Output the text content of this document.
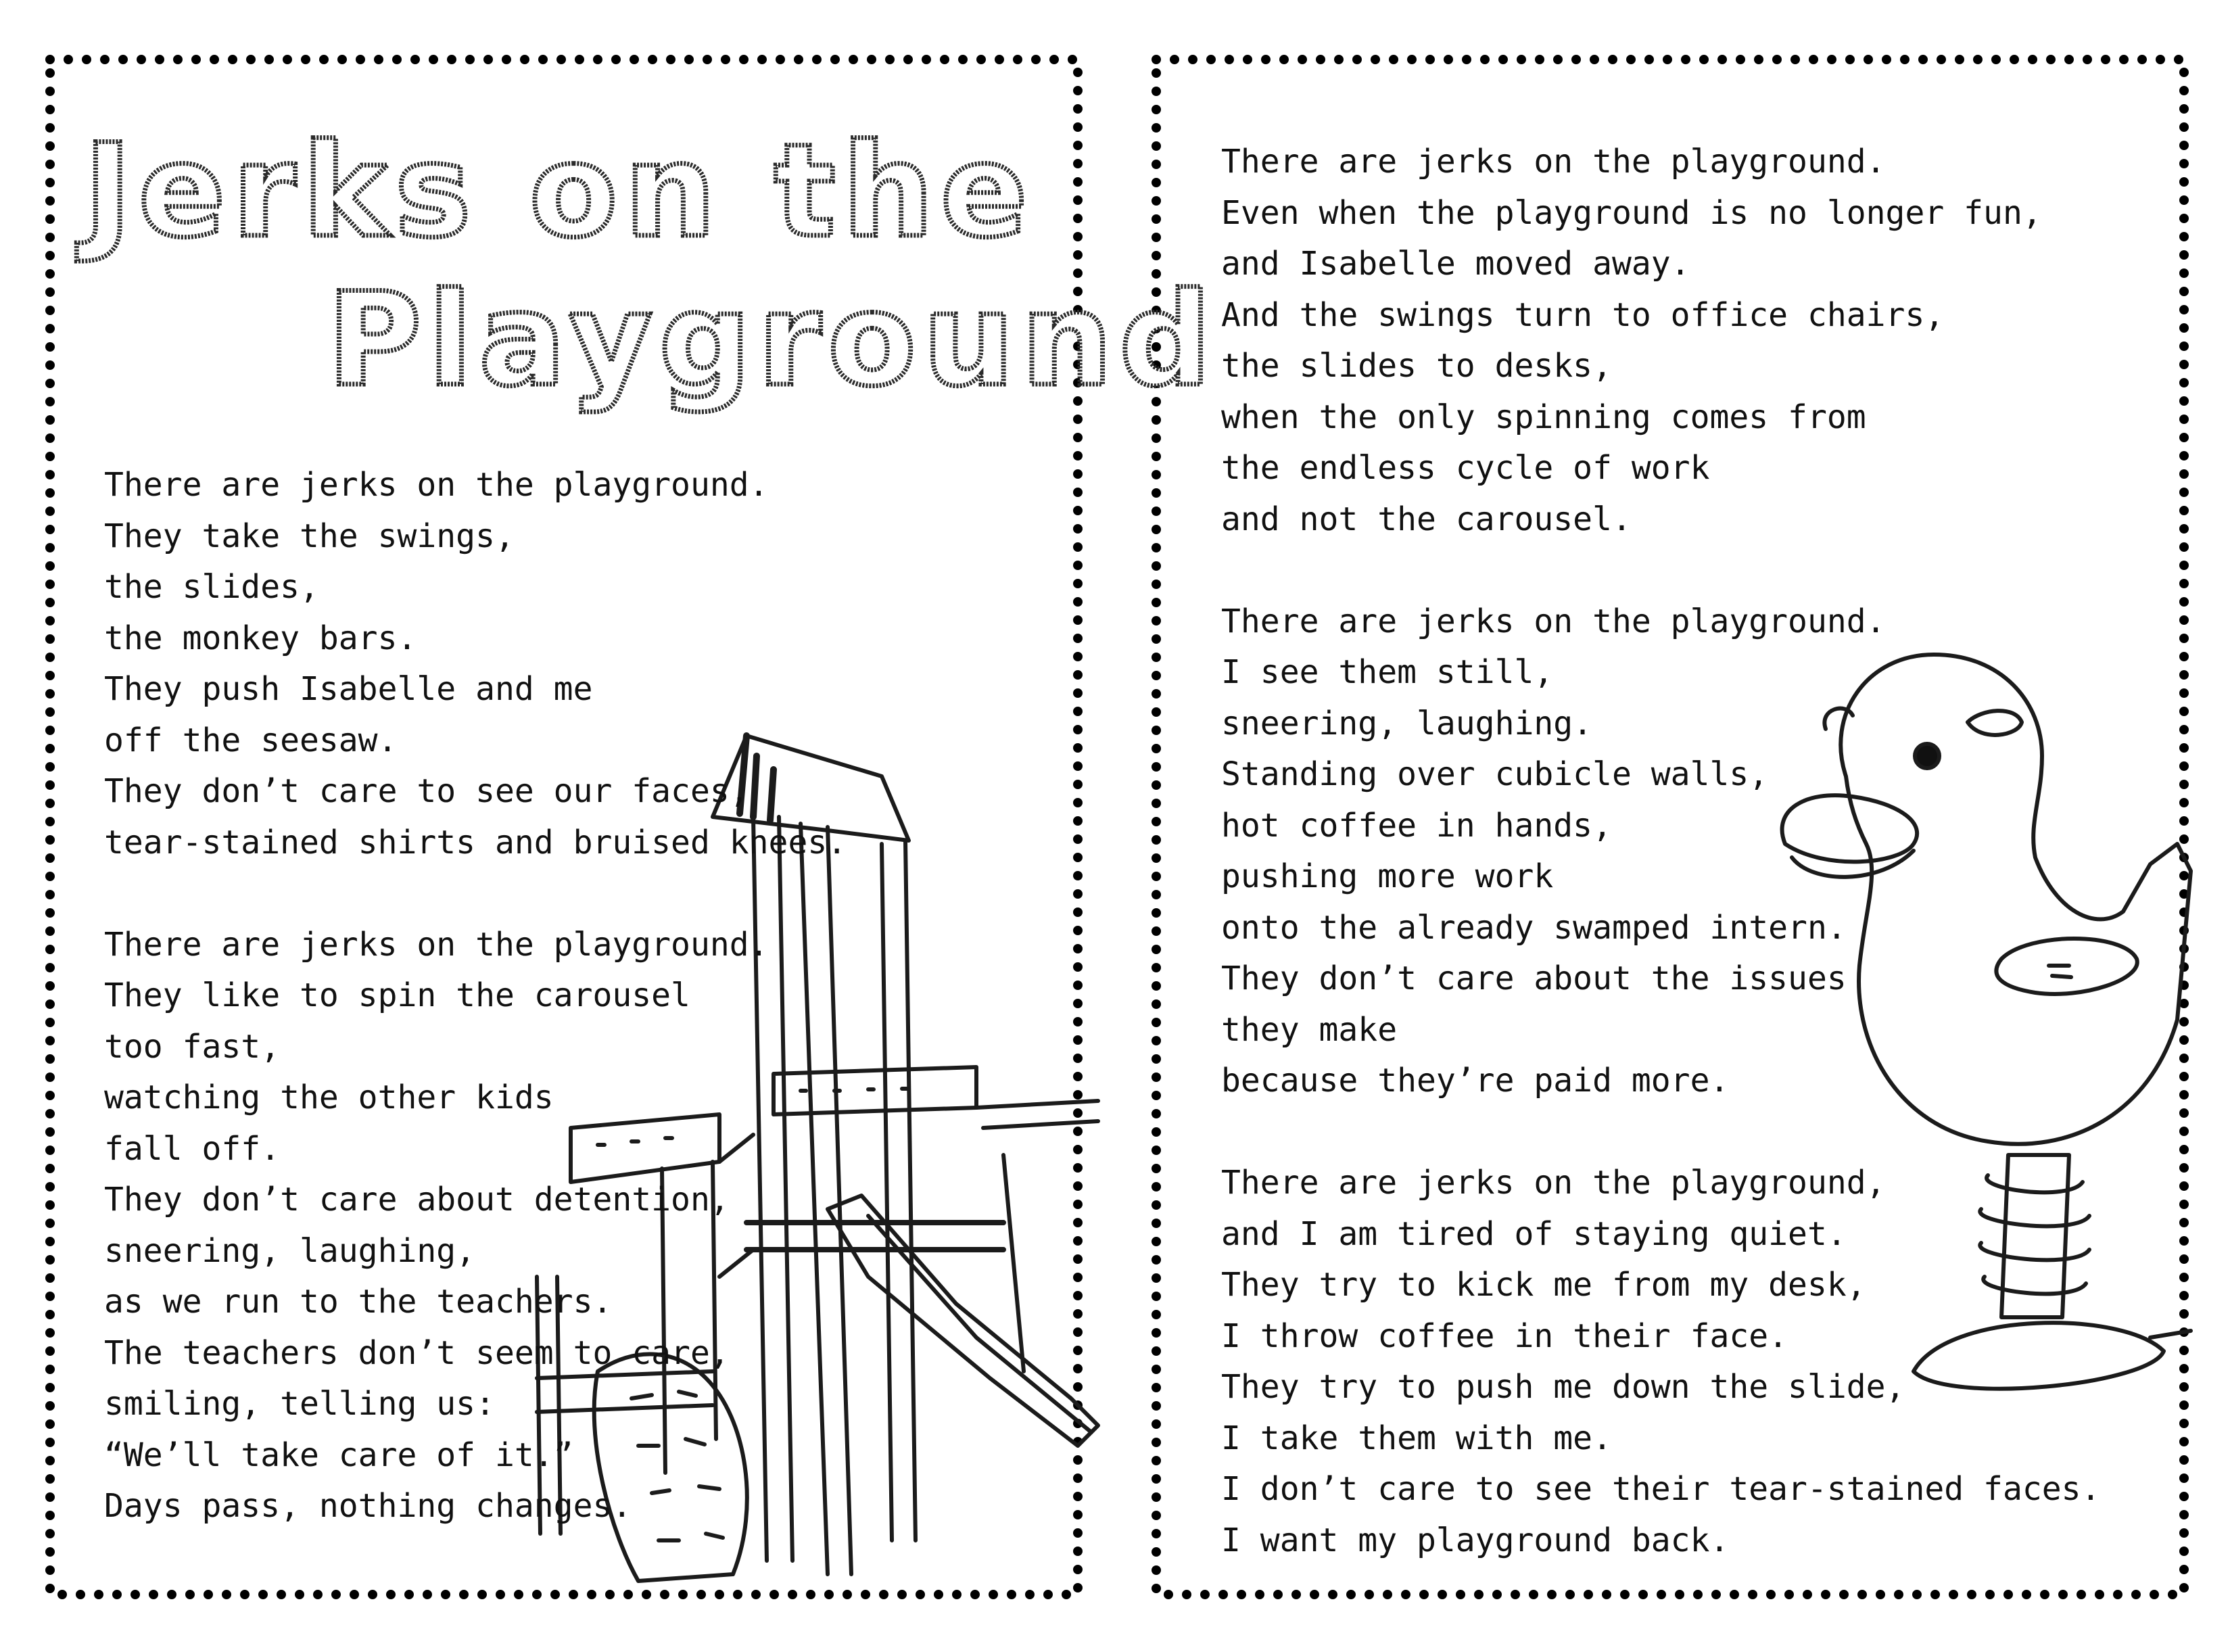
Jerks on the
Playground
There are jerks on the playground.
They take the swings,
the slides,
the monkey bars.
They push Isabelle and me
off the seesaw.
They don’t care to see our faces,
tear-stained shirts and bruised knees.

There are jerks on the playground.
They like to spin the carousel
too fast,
watching the other kids
fall off.
They don’t care about detention,
sneering, laughing,
as we run to the teachers.
The teachers don’t seem to care,
smiling, telling us:
“We’ll take care of it.”
Days pass, nothing changes.
There are jerks on the playground.
Even when the playground is no longer fun,
and Isabelle moved away.
And the swings turn to office chairs,
the slides to desks,
when the only spinning comes from
the endless cycle of work
and not the carousel.

There are jerks on the playground.
I see them still,
sneering, laughing.
Standing over cubicle walls,
hot coffee in hands,
pushing more work
onto the already swamped intern.
They don’t care about the issues
they make
because they’re paid more.

There are jerks on the playground,
and I am tired of staying quiet.
They try to kick me from my desk,
I throw coffee in their face.
They try to push me down the slide,
I take them with me.
I don’t care to see their tear-stained faces.
I want my playground back.
